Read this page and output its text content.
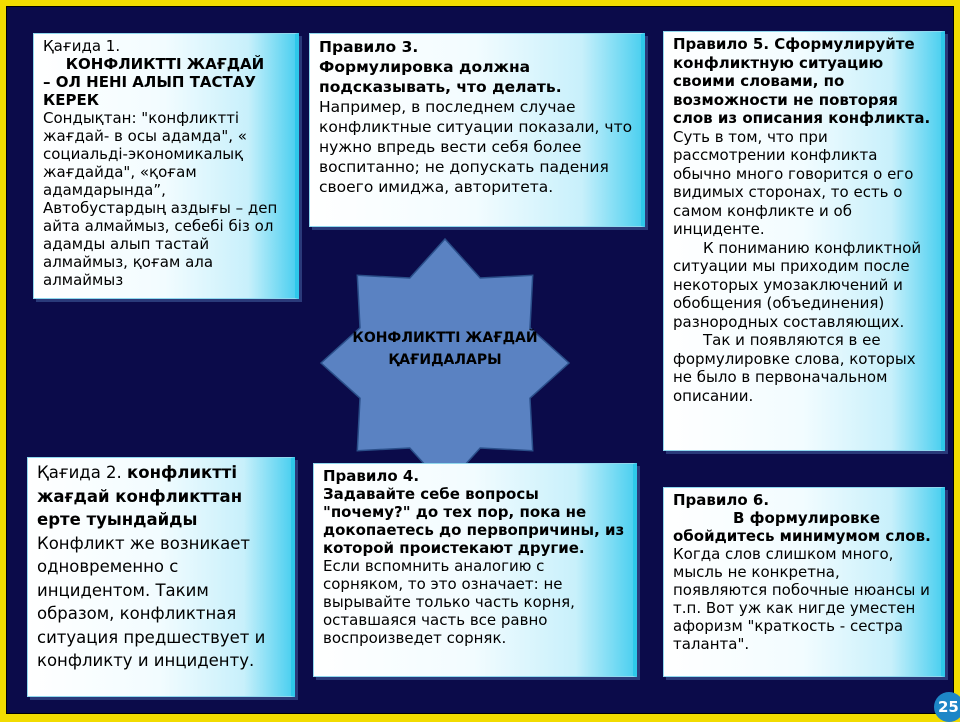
Қағида 1.

КОНФЛИКТТІ ЖАҒДАЙ

– ОЛ НЕНІ АЛЫП ТАСТАУ КЕРЕК

Сондықтан: "конфликтті жағдай- в осы адамда", « социальді-экономикалық жағдайда", «қоғам адамдарында”, Автобустардың аздығы – деп айта алмаймыз, себебі біз ол адамды алып тастай алмаймыз, қоғам ала алмаймыз

Правило 3.

Формулировка должна подсказывать, что делать.

Например, в последнем случае конфликтные ситуации показали, что нужно впредь вести себя более воспитанно; не допускать падения своего имиджа, авторитета.

Правило 5. Сформулируйте конфликтную ситуацию своими словами, по возможности не повторяя слов из описания конфликта.

Суть в том, что при рассмотрении конфликта обычно много говорится о его видимых сторонах, то есть о самом конфликте и об инциденте.

К пониманию конфликтной ситуации мы приходим после некоторых умозаключений и обобщения (объединения) разнородных составляющих.

Так и появляются в ее формулировке слова, которых не было в первоначальном описании.

КОНФЛИКТТІ ЖАҒДАЙ
ҚАҒИДАЛАРЫ

Қағида 2. конфликтті жағдай конфликттан ерте туындайды

Конфликт же возникает одновременно с инцидентом. Таким образом, конфликтная ситуация предшествует и конфликту и инциденту.

Правило 4.

Задавайте себе вопросы "почему?" до тех пор, пока не докопаетесь до первопричины, из которой проистекают другие.

Если вспомнить аналогию с сорняком, то это означает: не вырывайте только часть корня, оставшаяся часть все равно воспроизведет сорняк.

Правило 6.

В формулировке обойдитесь минимумом слов.

Когда слов слишком много, мысль не конкретна, появляются побочные нюансы и т.п. Вот уж как нигде уместен афоризм "краткость - сестра таланта".

25
